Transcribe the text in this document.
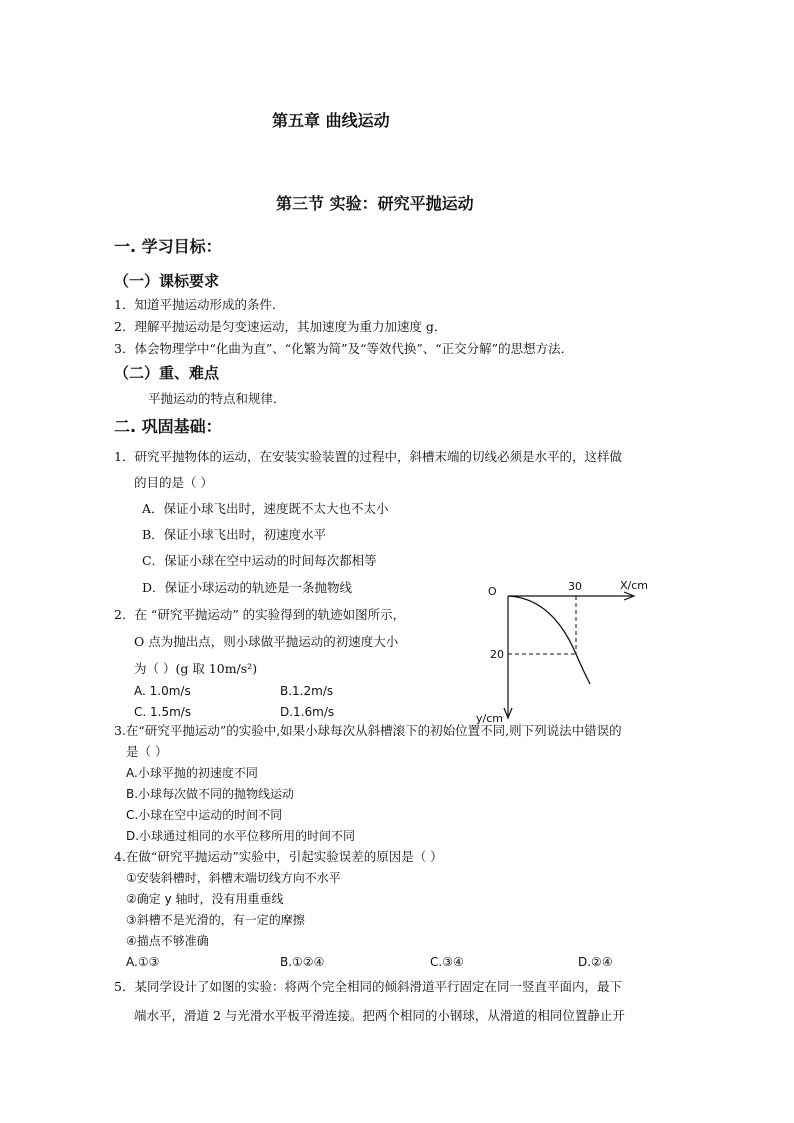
第五章 曲线运动
第三节 实验：研究平抛运动
一. 学习目标：
（一）课标要求
1．知道平抛运动形成的条件．
2．理解平抛运动是匀变速运动，其加速度为重力加速度 g．
3．体会物理学中“化曲为直”、“化繁为简”及“等效代换”、“正交分解”的思想方法．
（二）重、难点
平抛运动的特点和规律．
二. 巩固基础：
1．研究平抛物体的运动，在安装实验装置的过程中，斜槽末端的切线必须是水平的，这样做
的目的是（ ）
A．保证小球飞出时，速度既不太大也不太小
B．保证小球飞出时，初速度水平
C．保证小球在空中运动的时间每次都相等
D．保证小球运动的轨迹是一条抛物线
2．在 “研究平抛运动” 的实验得到的轨迹如图所示，
O 点为抛出点，则小球做平抛运动的初速度大小
为（ ）(g 取 10m/s²)
A. 1.0m/s	B.1.2m/s
C. 1.5m/s	D.1.6m/s
O	X/cm
30
20
y/cm
3.在“研究平抛运动”的实验中,如果小球每次从斜槽滚下的初始位置不同,则下列说法中错误的
是（ ）
A.小球平抛的初速度不同
B.小球每次做不同的抛物线运动
C.小球在空中运动的时间不同
D.小球通过相同的水平位移所用的时间不同
4.在做“研究平抛运动”实验中，引起实验误差的原因是（ ）
①安装斜槽时，斜槽末端切线方向不水平
②确定 y 轴时，没有用重垂线
③斜槽不是光滑的，有一定的摩擦
④描点不够准确
A.①③	B.①②④	C.③④	D.②④
5．某同学设计了如图的实验：将两个完全相同的倾斜滑道平行固定在同一竖直平面内，最下
端水平，滑道 2 与光滑水平板平滑连接。把两个相同的小钢球，从滑道的相同位置静止开
